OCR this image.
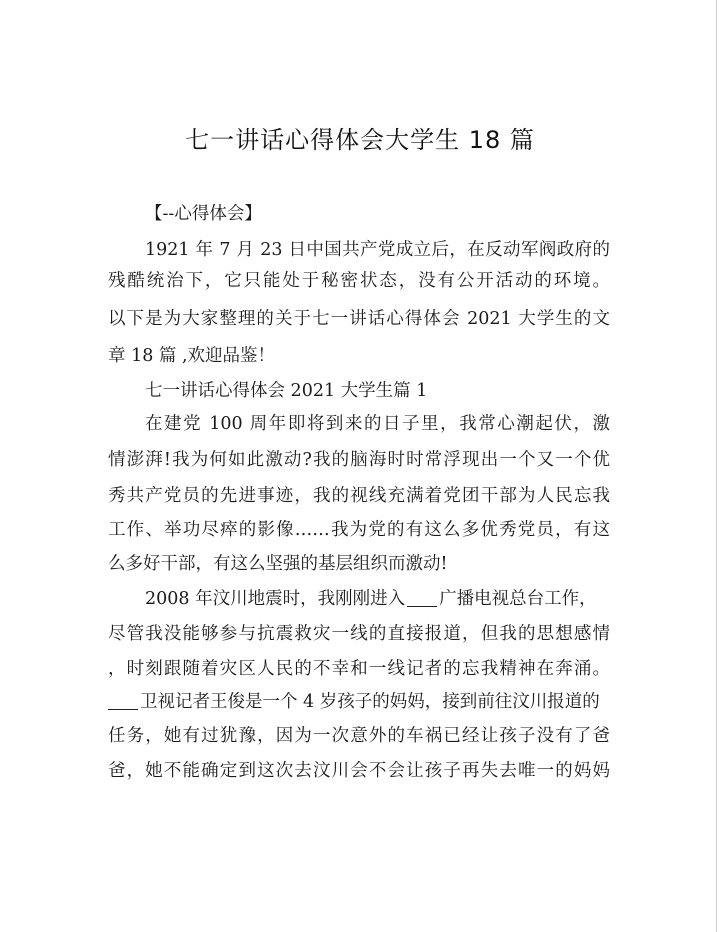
七一讲话心得体会大学生 18 篇
【--心得体会】
1921 年 7 月 23 日中国共产党成立后，在反动军阀政府的
残酷统治下，它只能处于秘密状态，没有公开活动的环境。
以下是为大家整理的关于七一讲话心得体会 2021 大学生的文
章 18 篇 ,欢迎品鉴！
七一讲话心得体会 2021 大学生篇 1
在建党 100 周年即将到来的日子里，我常心潮起伏，激
情澎湃!我为何如此激动?我的脑海时时常浮现出一个又一个优
秀共产党员的先进事迹，我的视线充满着党团干部为人民忘我
工作、举功尽瘁的影像……我为党的有这么多优秀党员，有这
么多好干部，有这么坚强的基层组织而激动!
2008 年汶川地震时，我刚刚进入 广播电视总台工作，
尽管我没能够参与抗震救灾一线的直接报道，但我的思想感情
，时刻跟随着灾区人民的不幸和一线记者的忘我精神在奔涌。
卫视记者王俊是一个 4 岁孩子的妈妈，接到前往汶川报道的
任务，她有过犹豫，因为一次意外的车祸已经让孩子没有了爸
爸，她不能确定到这次去汶川会不会让孩子再失去唯一的妈妈
